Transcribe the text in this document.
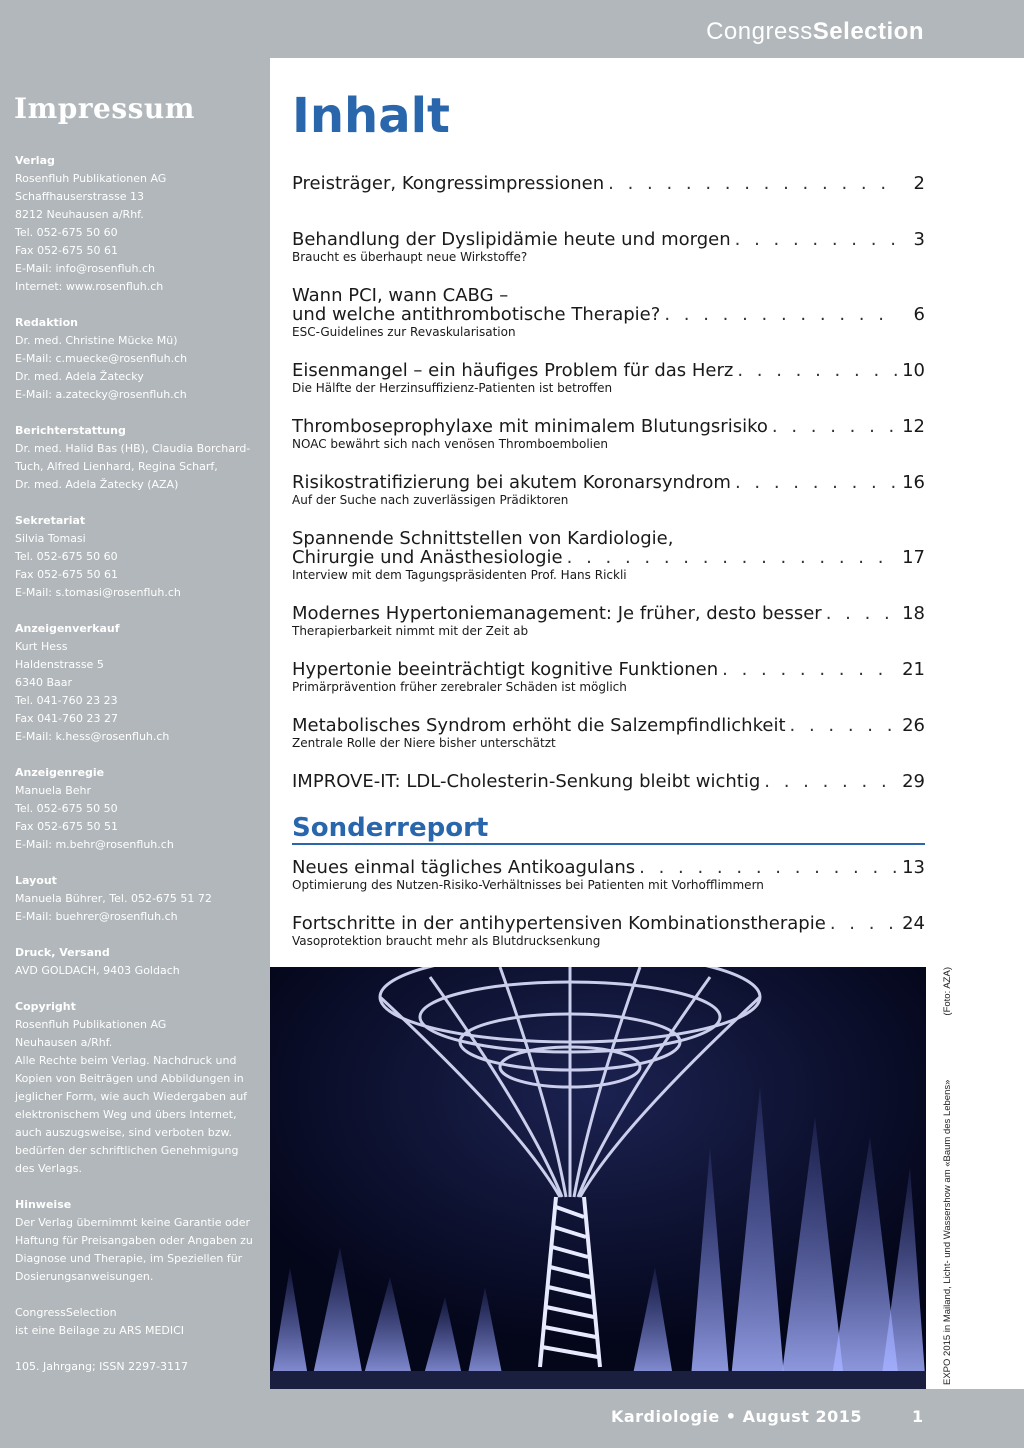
CongressSelection
Impressum
Verlag
Rosenfluh Publikationen AG
Schaffhauserstrasse 13
8212 Neuhausen a/Rhf.
Tel. 052-675 50 60
Fax 052-675 50 61
E-Mail: info@rosenfluh.ch
Internet: www.rosenfluh.ch
Redaktion
Dr. med. Christine Mücke Mü)
E-Mail: c.muecke@rosenfluh.ch
Dr. med. Adela Žatecky
E-Mail: a.zatecky@rosenfluh.ch
Berichterstattung
Dr. med. Halid Bas (HB), Claudia Borchard-
Tuch, Alfred Lienhard, Regina Scharf,
Dr. med. Adela Žatecky (AZA)
Sekretariat
Silvia Tomasi
Tel. 052-675 50 60
Fax 052-675 50 61
E-Mail: s.tomasi@rosenfluh.ch
Anzeigenverkauf
Kurt Hess
Haldenstrasse 5
6340 Baar
Tel. 041-760 23 23
Fax 041-760 23 27
E-Mail: k.hess@rosenfluh.ch
Anzeigenregie
Manuela Behr
Tel. 052-675 50 50
Fax 052-675 50 51
E-Mail: m.behr@rosenfluh.ch
Layout
Manuela Bührer, Tel. 052-675 51 72
E-Mail: buehrer@rosenfluh.ch
Druck, Versand
AVD GOLDACH, 9403 Goldach
Copyright
Rosenfluh Publikationen AG
Neuhausen a/Rhf.
Alle Rechte beim Verlag. Nachdruck und
Kopien von Beiträgen und Abbildungen in
jeglicher Form, wie auch Wiedergaben auf
elektronischem Weg und übers Internet,
auch auszugsweise, sind verboten bzw.
bedürfen der schriftlichen Genehmigung
des Verlags.
Hinweise
Der Verlag übernimmt keine Garantie oder
Haftung für Preisangaben oder Angaben zu
Diagnose und Therapie, im Speziellen für
Dosierungsanweisungen.
CongressSelection
ist eine Beilage zu ARS MEDICI
105. Jahrgang; ISSN 2297-3117
Inhalt
Preisträger, Kongressimpressionen . . .	2
Behandlung der Dyslipidämie heute und morgen . . .	3
Braucht es überhaupt neue Wirkstoffe?
Wann PCI, wann CABG –
und welche antithrombotische Therapie? . . .	6
ESC-Guidelines zur Revaskularisation
Eisenmangel – ein häufiges Problem für das Herz . . .	10
Die Hälfte der Herzinsuffizienz-Patienten ist betroffen
Thromboseprophylaxe mit minimalem Blutungsrisiko . . .	12
NOAC bewährt sich nach venösen Thromboembolien
Risikostratifizierung bei akutem Koronarsyndrom . . .	16
Auf der Suche nach zuverlässigen Prädiktoren
Spannende Schnittstellen von Kardiologie,
Chirurgie und Anästhesiologie . . .	17
Interview mit dem Tagungspräsidenten Prof. Hans Rickli
Modernes Hypertoniemanagement: Je früher, desto besser . . .	18
Therapierbarkeit nimmt mit der Zeit ab
Hypertonie beeinträchtigt kognitive Funktionen . . .	21
Primärprävention früher zerebraler Schäden ist möglich
Metabolisches Syndrom erhöht die Salzempfindlichkeit . . .	26
Zentrale Rolle der Niere bisher unterschätzt
IMPROVE-IT: LDL-Cholesterin-Senkung bleibt wichtig . . .	29
Sonderreport
Neues einmal tägliches Antikoagulans . . .	13
Optimierung des Nutzen-Risiko-Verhältnisses bei Patienten mit Vorhofflimmern
Fortschritte in der antihypertensiven Kombinationstherapie . . .	24
Vasoprotektion braucht mehr als Blutdrucksenkung
EXPO 2015 in Mailand, Licht- und Wassershow am «Baum des Lebens»
(Foto: AZA)
Kardiologie • August 2015	1
